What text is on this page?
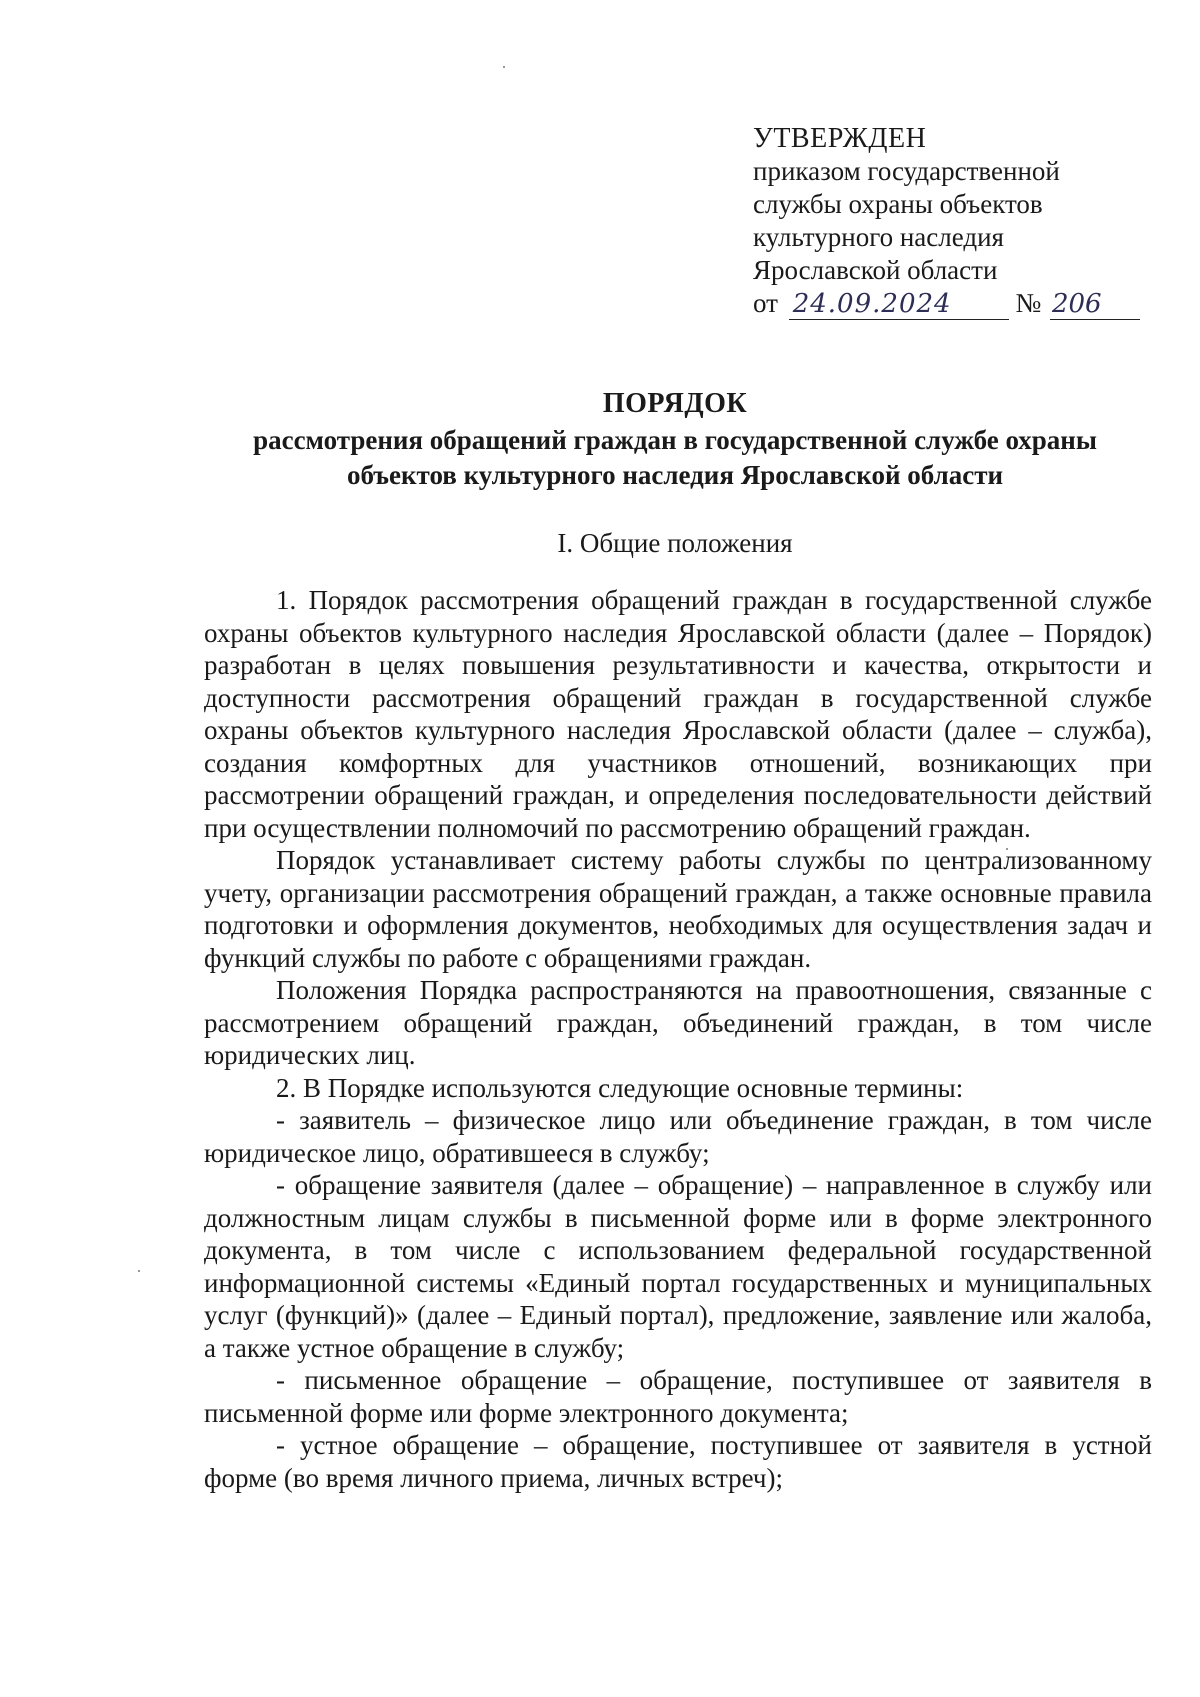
УТВЕРЖДЕН
приказом государственной
службы охраны объектов
культурного наследия
Ярославской области
от 24.09.2024 № 206
ПОРЯДОК
рассмотрения обращений граждан в государственной службе охраны
объектов культурного наследия Ярославской области
I. Общие положения

1. Порядок рассмотрения обращений граждан в государственной службе охраны объектов культурного наследия Ярославской области (далее – Порядок) разработан в целях повышения результативности и качества, открытости и доступности рассмотрения обращений граждан в государственной службе охраны объектов культурного наследия Ярославской области (далее – служба), создания комфортных для участников отношений, возникающих при рассмотрении обращений граждан, и определения последовательности действий при осуществлении полномочий по рассмотрению обращений граждан.

Порядок устанавливает систему работы службы по централизованному учету, организации рассмотрения обращений граждан, а также основные правила подготовки и оформления документов, необходимых для осуществления задач и функций службы по работе с обращениями граждан.

Положения Порядка распространяются на правоотношения, связанные с рассмотрением обращений граждан, объединений граждан, в том числе юридических лиц.

2. В Порядке используются следующие основные термины:

- заявитель – физическое лицо или объединение граждан, в том числе юридическое лицо, обратившееся в службу;

- обращение заявителя (далее – обращение) – направленное в службу или должностным лицам службы в письменной форме или в форме электронного документа, в том числе с использованием федеральной государственной информационной системы «Единый портал государственных и муниципальных услуг (функций)» (далее – Единый портал), предложение, заявление или жалоба, а также устное обращение в службу;

- письменное обращение – обращение, поступившее от заявителя в письменной форме или форме электронного документа;

- устное обращение – обращение, поступившее от заявителя в устной форме (во время личного приема, личных встреч);
